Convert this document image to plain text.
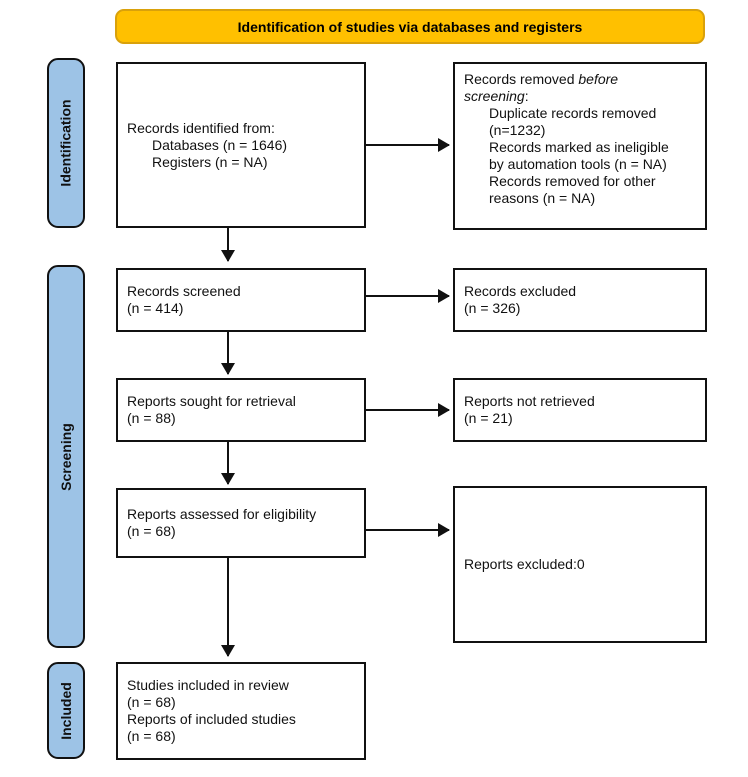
Identification of studies via databases and registers
Identification
Screening
Included
Records identified from:
Databases (n = 1646)
Registers (n = NA)
Records removed before
screening:
Duplicate records removed
(n=1232)
Records marked as ineligible
by automation tools (n = NA)
Records removed for other
reasons (n = NA)
Records screened
(n = 414)
Records excluded
(n = 326)
Reports sought for retrieval
(n = 88)
Reports not retrieved
(n = 21)
Reports assessed for eligibility
(n = 68)
Reports excluded:0
Studies included in review
(n = 68)
Reports of included studies
(n = 68)
